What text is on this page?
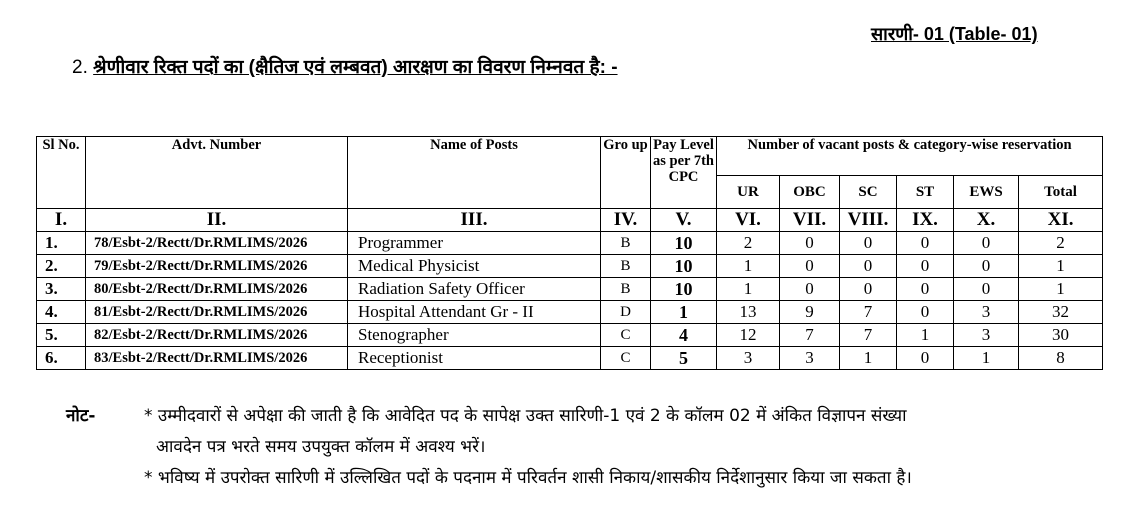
सारणी- 01 (Table- 01)
2. श्रेणीवार रिक्त पदों का (क्षैतिज एवं लम्बवत) आरक्षण का विवरण निम्नवत है: -
Sl No.	Advt. Number	Name of Posts	Gro up	Pay Level as per 7th CPC	Number of vacant posts & category-wise reservation					
					UR	OBC	SC	ST	EWS	Total
I.	II.	III.	IV.	V.	VI.	VII.	VIII.	IX.	X.	XI.
1.	78/Esbt-2/Rectt/Dr.RMLIMS/2026	Programmer	B	10	2	0	0	0	0	2
2.	79/Esbt-2/Rectt/Dr.RMLIMS/2026	Medical Physicist	B	10	1	0	0	0	0	1
3.	80/Esbt-2/Rectt/Dr.RMLIMS/2026	Radiation Safety Officer	B	10	1	0	0	0	0	1
4.	81/Esbt-2/Rectt/Dr.RMLIMS/2026	Hospital Attendant Gr - II	D	1	13	9	7	0	3	32
5.	82/Esbt-2/Rectt/Dr.RMLIMS/2026	Stenographer	C	4	12	7	7	1	3	30
6.	83/Esbt-2/Rectt/Dr.RMLIMS/2026	Receptionist	C	5	3	3	1	0	1	8
नोट-	* उम्मीदवारों से अपेक्षा की जाती है कि आवेदित पद के सापेक्ष उक्त सारिणी-1 एवं 2 के कॉलम 02 में अंकित विज्ञापन संख्या
आवदेन पत्र भरते समय उपयुक्त कॉलम में अवश्य भरें।
* भविष्य में उपरोक्त सारिणी में उल्लिखित पदों के पदनाम में परिवर्तन शासी निकाय/शासकीय निर्देशानुसार किया जा सकता है।
